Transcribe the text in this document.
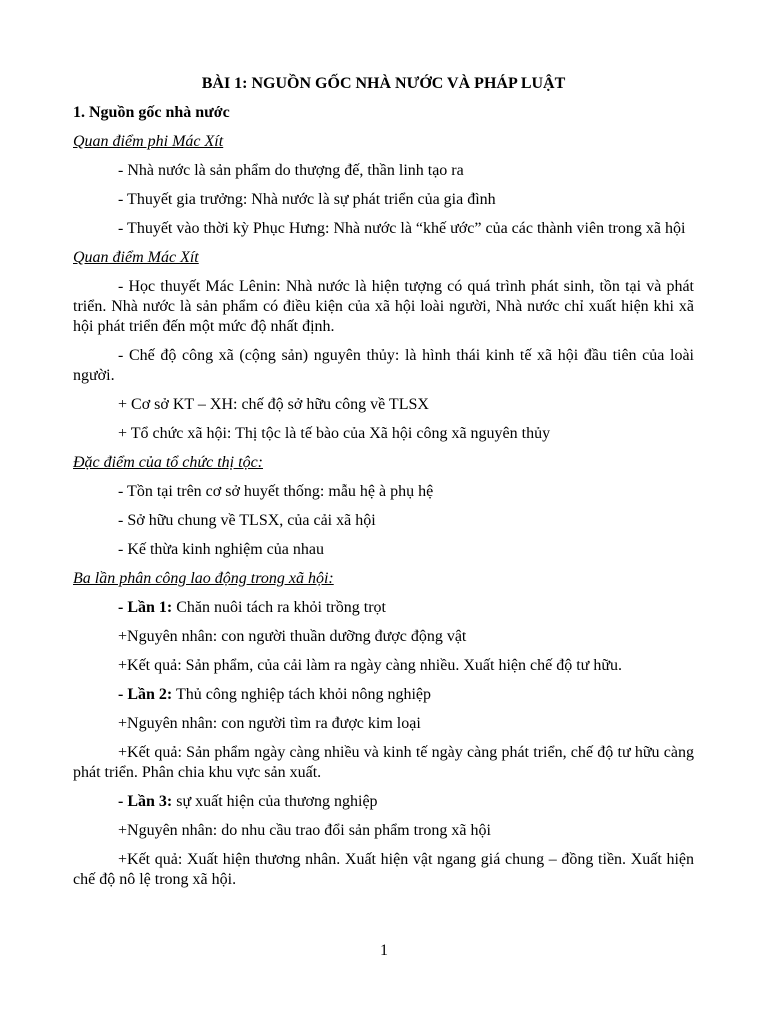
BÀI 1: NGUỒN GỐC NHÀ NƯỚC VÀ PHÁP LUẬT
1. Nguồn gốc nhà nước
Quan điểm phi Mác Xít
- Nhà nước là sản phẩm do thượng đế, thần linh tạo ra
- Thuyết gia trưởng: Nhà nước là sự phát triển của gia đình
- Thuyết vào thời kỳ Phục Hưng: Nhà nước là “khế ước” của các thành viên trong xã hội
Quan điểm Mác Xít
- Học thuyết Mác Lênin: Nhà nước là hiện tượng có quá trình phát sinh, tồn tại và phát triển. Nhà nước là sản phẩm có điều kiện của xã hội loài người, Nhà nước chỉ xuất hiện khi xã hội phát triển đến một mức độ nhất định.
- Chế độ công xã (cộng sản) nguyên thủy: là hình thái kinh tế xã hội đầu tiên của loài người.
+ Cơ sở KT – XH: chế độ sở hữu công về TLSX
+ Tổ chức xã hội: Thị tộc là tế bào của Xã hội công xã nguyên thủy
Đặc điểm của tổ chức thị tộc:
- Tồn tại trên cơ sở huyết thống: mẫu hệ à phụ hệ
- Sở hữu chung về TLSX, của cải xã hội
- Kế thừa kinh nghiệm của nhau
Ba lần phân công lao động trong xã hội:
- Lần 1: Chăn nuôi tách ra khỏi trồng trọt
+Nguyên nhân: con người thuần dưỡng được động vật
+Kết quả: Sản phẩm, của cải làm ra ngày càng nhiều. Xuất hiện chế độ tư hữu.
- Lần 2: Thủ công nghiệp tách khỏi nông nghiệp
+Nguyên nhân: con người tìm ra được kim loại
+Kết quả: Sản phẩm ngày càng nhiều và kinh tế ngày càng phát triển, chế độ tư hữu càng phát triển. Phân chia khu vực sản xuất.
- Lần 3: sự xuất hiện của thương nghiệp
+Nguyên nhân: do nhu cầu trao đổi sản phẩm trong xã hội
+Kết quả: Xuất hiện thương nhân. Xuất hiện vật ngang giá chung – đồng tiền. Xuất hiện chế độ nô lệ trong xã hội.
1
